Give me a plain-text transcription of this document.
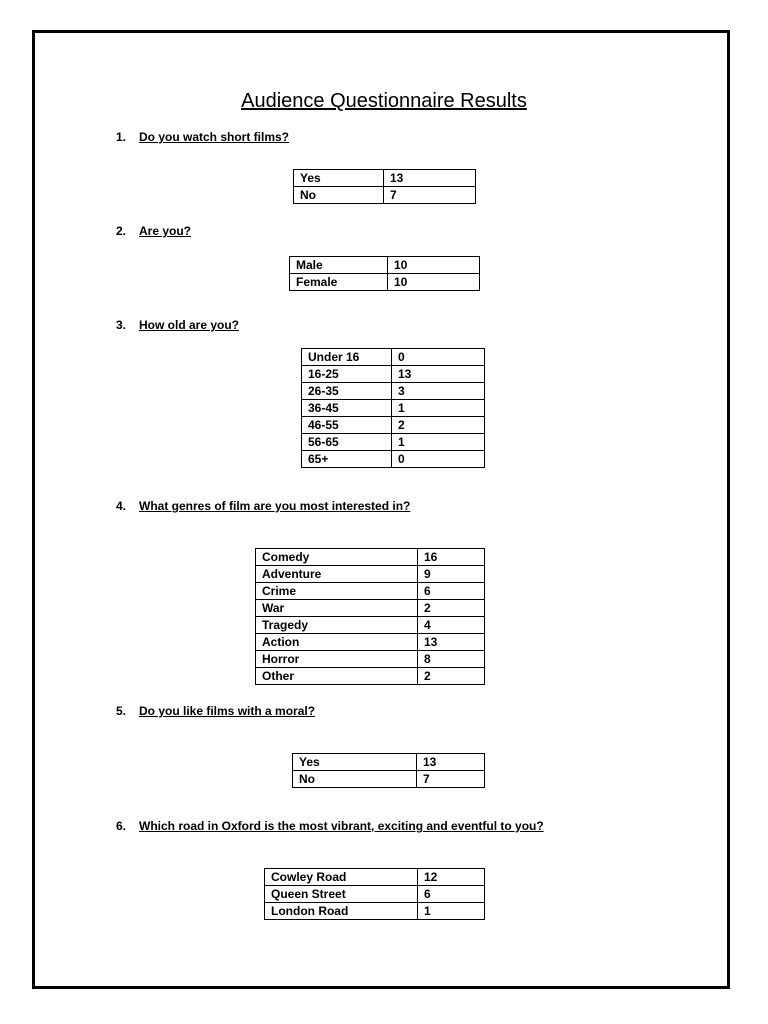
Audience Questionnaire Results
1. Do you watch short films?
Yes	13
No	7
2. Are you?
Male	10
Female	10
3. How old are you?
Under 16	0
16-25	13
26-35	3
36-45	1
46-55	2
56-65	1
65+	0
4. What genres of film are you most interested in?
Comedy	16
Adventure	9
Crime	6
War	2
Tragedy	4
Action	13
Horror	8
Other	2
5. Do you like films with a moral?
Yes	13
No	7
6. Which road in Oxford is the most vibrant, exciting and eventful to you?
Cowley Road	12
Queen Street	6
London Road	1
